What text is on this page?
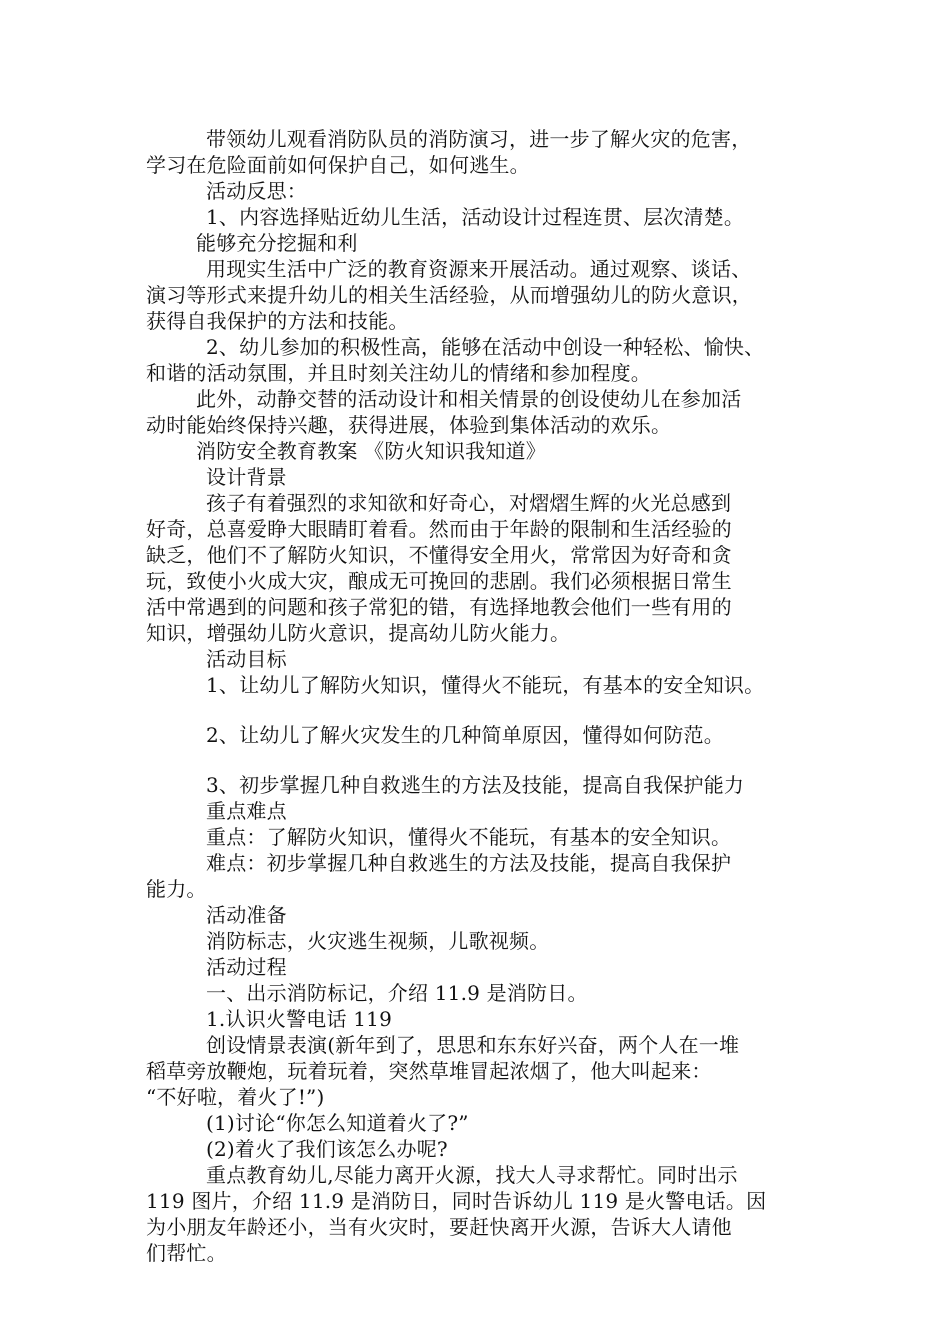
带领幼儿观看消防队员的消防演习，进一步了解火灾的危害，
学习在危险面前如何保护自己，如何逃生。
活动反思：
1、内容选择贴近幼儿生活，活动设计过程连贯、层次清楚。
能够充分挖掘和利
用现实生活中广泛的教育资源来开展活动。通过观察、谈话、
演习等形式来提升幼儿的相关生活经验，从而增强幼儿的防火意识，
获得自我保护的方法和技能。
2、幼儿参加的积极性高，能够在活动中创设一种轻松、愉快、
和谐的活动氛围，并且时刻关注幼儿的情绪和参加程度。
此外，动静交替的活动设计和相关情景的创设使幼儿在参加活
动时能始终保持兴趣，获得进展，体验到集体活动的欢乐。
消防安全教育教案 《防火知识我知道》
设计背景
孩子有着强烈的求知欲和好奇心，对熠熠生辉的火光总感到
好奇，总喜爱睁大眼睛盯着看。然而由于年龄的限制和生活经验的
缺乏，他们不了解防火知识，不懂得安全用火，常常因为好奇和贪
玩，致使小火成大灾，酿成无可挽回的悲剧。我们必须根据日常生
活中常遇到的问题和孩子常犯的错，有选择地教会他们一些有用的
知识，增强幼儿防火意识，提高幼儿防火能力。
活动目标
1、让幼儿了解防火知识，懂得火不能玩，有基本的安全知识。
2、让幼儿了解火灾发生的几种简单原因，懂得如何防范。
3、初步掌握几种自救逃生的方法及技能，提高自我保护能力
重点难点
重点：了解防火知识，懂得火不能玩，有基本的安全知识。
难点：初步掌握几种自救逃生的方法及技能，提高自我保护
能力。
活动准备
消防标志，火灾逃生视频，儿歌视频。
活动过程
一、出示消防标记，介绍 11.9 是消防日。
1.认识火警电话 119
创设情景表演(新年到了，思思和东东好兴奋，两个人在一堆
稻草旁放鞭炮，玩着玩着，突然草堆冒起浓烟了，他大叫起来：
“不好啦，着火了!”)
(1)讨论“你怎么知道着火了?”
(2)着火了我们该怎么办呢?
重点教育幼儿,尽能力离开火源，找大人寻求帮忙。同时出示
119 图片，介绍 11.9 是消防日，同时告诉幼儿 119 是火警电话。因
为小朋友年龄还小，当有火灾时，要赶快离开火源，告诉大人请他
们帮忙。
